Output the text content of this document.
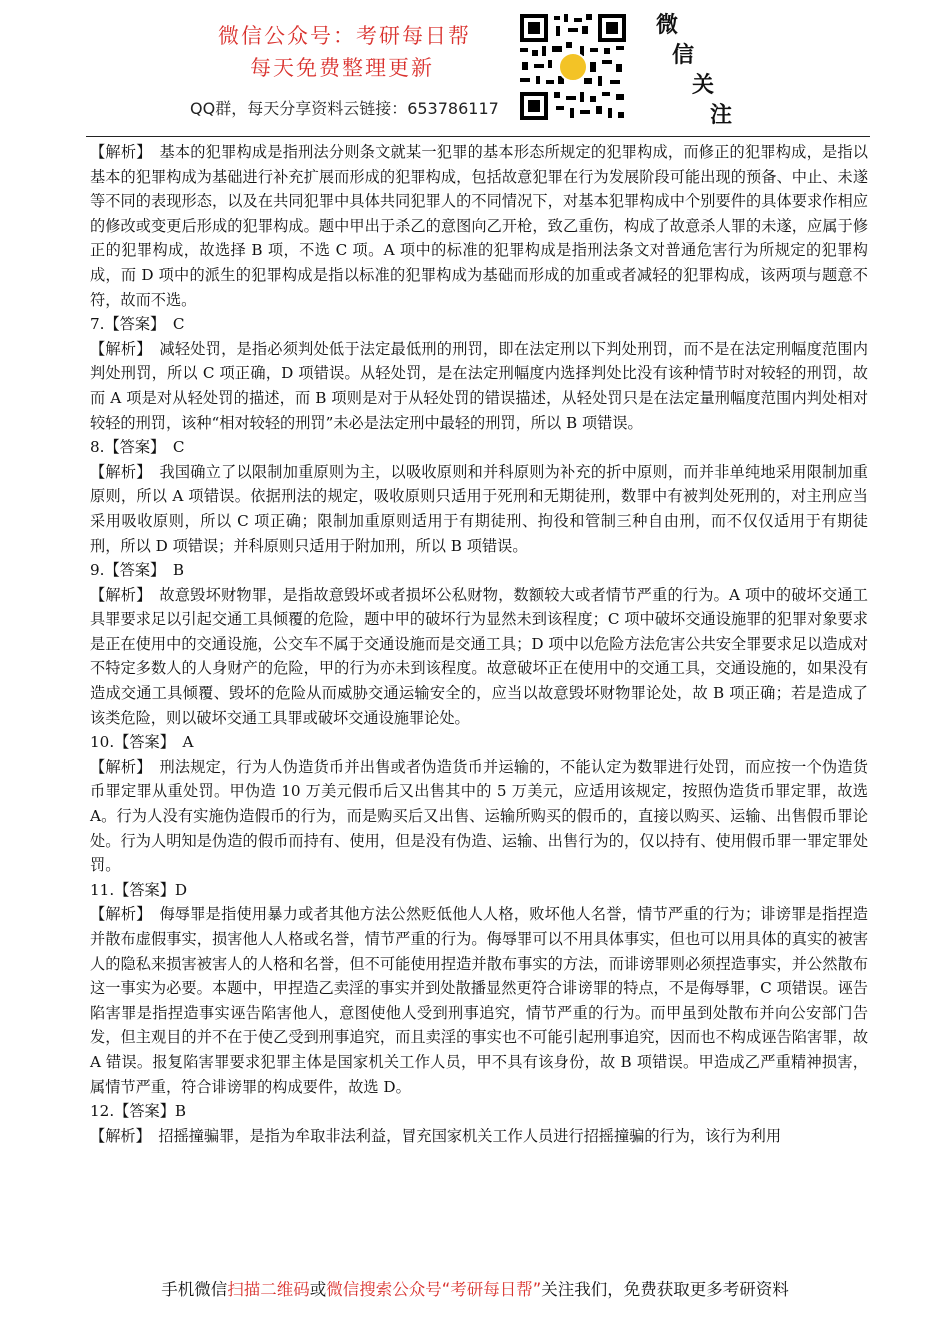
微信公众号：考研每日帮
每天免费整理更新
QQ群，每天分享资料云链接：653786117
微
信
关
注

【解析】　基本的犯罪构成是指刑法分则条文就某一犯罪的基本形态所规定的犯罪构成，而修正的犯罪构成，是指以基本的犯罪构成为基础进行补充扩展而形成的犯罪构成，包括故意犯罪在行为发展阶段可能出现的预备、中止、未遂等不同的表现形态，以及在共同犯罪中具体共同犯罪人的不同情况下，对基本犯罪构成中个别要件的具体要求作相应的修改或变更后形成的犯罪构成。题中甲出于杀乙的意图向乙开枪，致乙重伤，构成了故意杀人罪的未遂，应属于修正的犯罪构成，故选择 B 项，不选 C 项。A 项中的标准的犯罪构成是指刑法条文对普通危害行为所规定的犯罪构成，而 D 项中的派生的犯罪构成是指以标准的犯罪构成为基础而形成的加重或者减轻的犯罪构成，该两项与题意不符，故而不选。

7.【答案】　C

【解析】　减轻处罚，是指必须判处低于法定最低刑的刑罚，即在法定刑以下判处刑罚，而不是在法定刑幅度范围内判处刑罚，所以 C 项正确，D 项错误。从轻处罚，是在法定刑幅度内选择判处比没有该种情节时对较轻的刑罚，故而 A 项是对从轻处罚的描述，而 B 项则是对于从轻处罚的错误描述，从轻处罚只是在法定量刑幅度范围内判处相对较轻的刑罚，该种“相对较轻的刑罚”未必是法定刑中最轻的刑罚，所以 B 项错误。

8.【答案】　C

【解析】　我国确立了以限制加重原则为主，以吸收原则和并科原则为补充的折中原则，而并非单纯地采用限制加重原则，所以 A 项错误。依据刑法的规定，吸收原则只适用于死刑和无期徒刑，数罪中有被判处死刑的，对主刑应当采用吸收原则，所以 C 项正确；限制加重原则适用于有期徒刑、拘役和管制三种自由刑，而不仅仅适用于有期徒刑，所以 D 项错误；并科原则只适用于附加刑，所以 B 项错误。

9.【答案】　B

【解析】　故意毁坏财物罪，是指故意毁坏或者损坏公私财物，数额较大或者情节严重的行为。A 项中的破坏交通工具罪要求足以引起交通工具倾覆的危险，题中甲的破坏行为显然未到该程度；C 项中破坏交通设施罪的犯罪对象要求是正在使用中的交通设施，公交车不属于交通设施而是交通工具；D 项中以危险方法危害公共安全罪要求足以造成对不特定多数人的人身财产的危险，甲的行为亦未到该程度。故意破坏正在使用中的交通工具，交通设施的，如果没有造成交通工具倾覆、毁坏的危险从而威胁交通运输安全的，应当以故意毁坏财物罪论处，故 B 项正确；若是造成了该类危险，则以破坏交通工具罪或破坏交通设施罪论处。

10.【答案】　A

【解析】　刑法规定，行为人伪造货币并出售或者伪造货币并运输的，不能认定为数罪进行处罚，而应按一个伪造货币罪定罪从重处罚。甲伪造 10 万美元假币后又出售其中的 5 万美元，应适用该规定，按照伪造货币罪定罪，故选 A。行为人没有实施伪造假币的行为，而是购买后又出售、运输所购买的假币的，直接以购买、运输、出售假币罪论处。行为人明知是伪造的假币而持有、使用，但是没有伪造、运输、出售行为的，仅以持有、使用假币罪一罪定罪处罚。

11.【答案】D

【解析】　侮辱罪是指使用暴力或者其他方法公然贬低他人人格，败坏他人名誉，情节严重的行为；诽谤罪是指捏造并散布虚假事实，损害他人人格或名誉，情节严重的行为。侮辱罪可以不用具体事实，但也可以用具体的真实的被害人的隐私来损害被害人的人格和名誉，但不可能使用捏造并散布事实的方法，而诽谤罪则必须捏造事实，并公然散布这一事实为必要。本题中，甲捏造乙卖淫的事实并到处散播显然更符合诽谤罪的特点，不是侮辱罪，C 项错误。诬告陷害罪是指捏造事实诬告陷害他人，意图使他人受到刑事追究，情节严重的行为。而甲虽到处散布并向公安部门告发，但主观目的并不在于使乙受到刑事追究，而且卖淫的事实也不可能引起刑事追究，因而也不构成诬告陷害罪，故 A 错误。报复陷害罪要求犯罪主体是国家机关工作人员，甲不具有该身份，故 B 项错误。甲造成乙严重精神损害，属情节严重，符合诽谤罪的构成要件，故选 D。

12.【答案】B

【解析】　招摇撞骗罪，是指为牟取非法利益，冒充国家机关工作人员进行招摇撞骗的行为，该行为利用

手机微信扫描二维码或微信搜索公众号“考研每日帮”关注我们，免费获取更多考研资料
